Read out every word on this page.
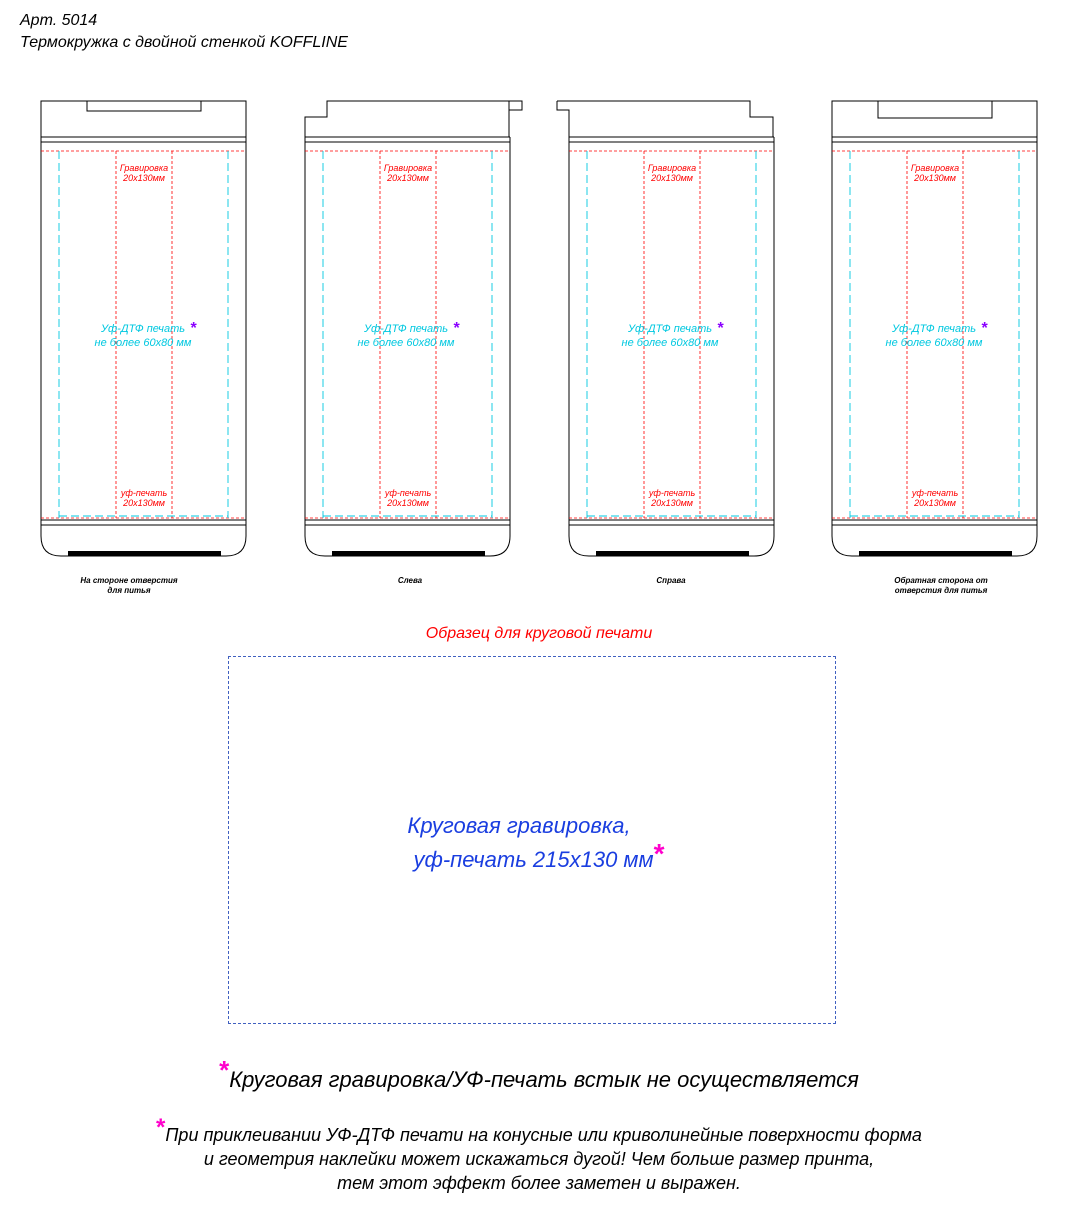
Арт. 5014
Термокружка с двойной стенкой KOFFLINE
Гравировка
20x130мм
Гравировка
20x130мм
Гравировка
20x130мм
Гравировка
20x130мм
уф-печать
20x130мм
уф-печать
20x130мм
уф-печать
20x130мм
уф-печать
20x130мм
Уф-ДТФ печать
не более 60x80 мм
Уф-ДТФ печать
не более 60x80 мм
Уф-ДТФ печать
не более 60x80 мм
Уф-ДТФ печать
не более 60x80 мм
*	*	*	*
На стороне отверстия
для питья
Слева	Справа	Обратная сторона от
отверстия для питья
Образец для круговой печати
Круговая гравировка,
уф-печать 215x130 мм*
*Круговая гравировка/УФ-печать встык не осуществляется
*При приклеивании УФ-ДТФ печати на конусные или криволинейные поверхности форма
и геометрия наклейки может искажаться дугой! Чем больше размер принта,
тем этот эффект более заметен и выражен.
